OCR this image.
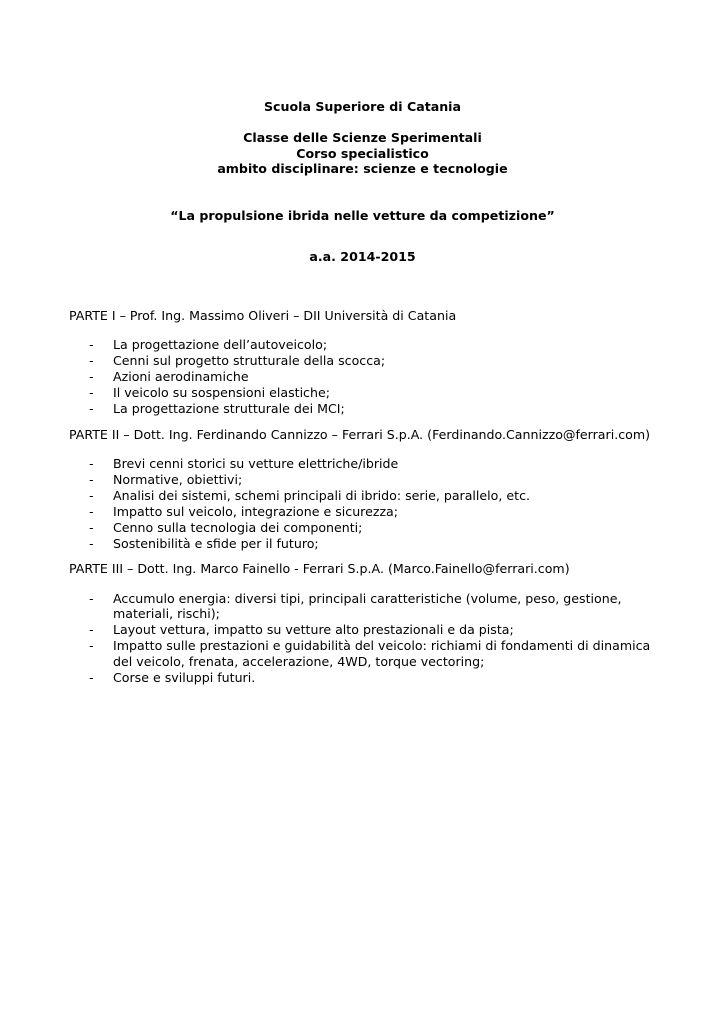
Scuola Superiore di Catania
Classe delle Scienze Sperimentali
Corso specialistico
ambito disciplinare: scienze e tecnologie
“La propulsione ibrida nelle vetture da competizione”
a.a. 2014-2015
PARTE I – Prof. Ing. Massimo Oliveri – DII Università di Catania
- La progettazione dell’autoveicolo;
- Cenni sul progetto strutturale della scocca;
- Azioni aerodinamiche
- Il veicolo su sospensioni elastiche;
- La progettazione strutturale dei MCI;
PARTE II – Dott. Ing. Ferdinando Cannizzo – Ferrari S.p.A. (Ferdinando.Cannizzo@ferrari.com)
- Brevi cenni storici su vetture elettriche/ibride
- Normative, obiettivi;
- Analisi dei sistemi, schemi principali di ibrido: serie, parallelo, etc.
- Impatto sul veicolo, integrazione e sicurezza;
- Cenno sulla tecnologia dei componenti;
- Sostenibilità e sfide per il futuro;
PARTE III – Dott. Ing. Marco Fainello - Ferrari S.p.A. (Marco.Fainello@ferrari.com)
- Accumulo energia: diversi tipi, principali caratteristiche (volume, peso, gestione,
materiali, rischi);
- Layout vettura, impatto su vetture alto prestazionali e da pista;
- Impatto sulle prestazioni e guidabilità del veicolo: richiami di fondamenti di dinamica
del veicolo, frenata, accelerazione, 4WD, torque vectoring;
- Corse e sviluppi futuri.
